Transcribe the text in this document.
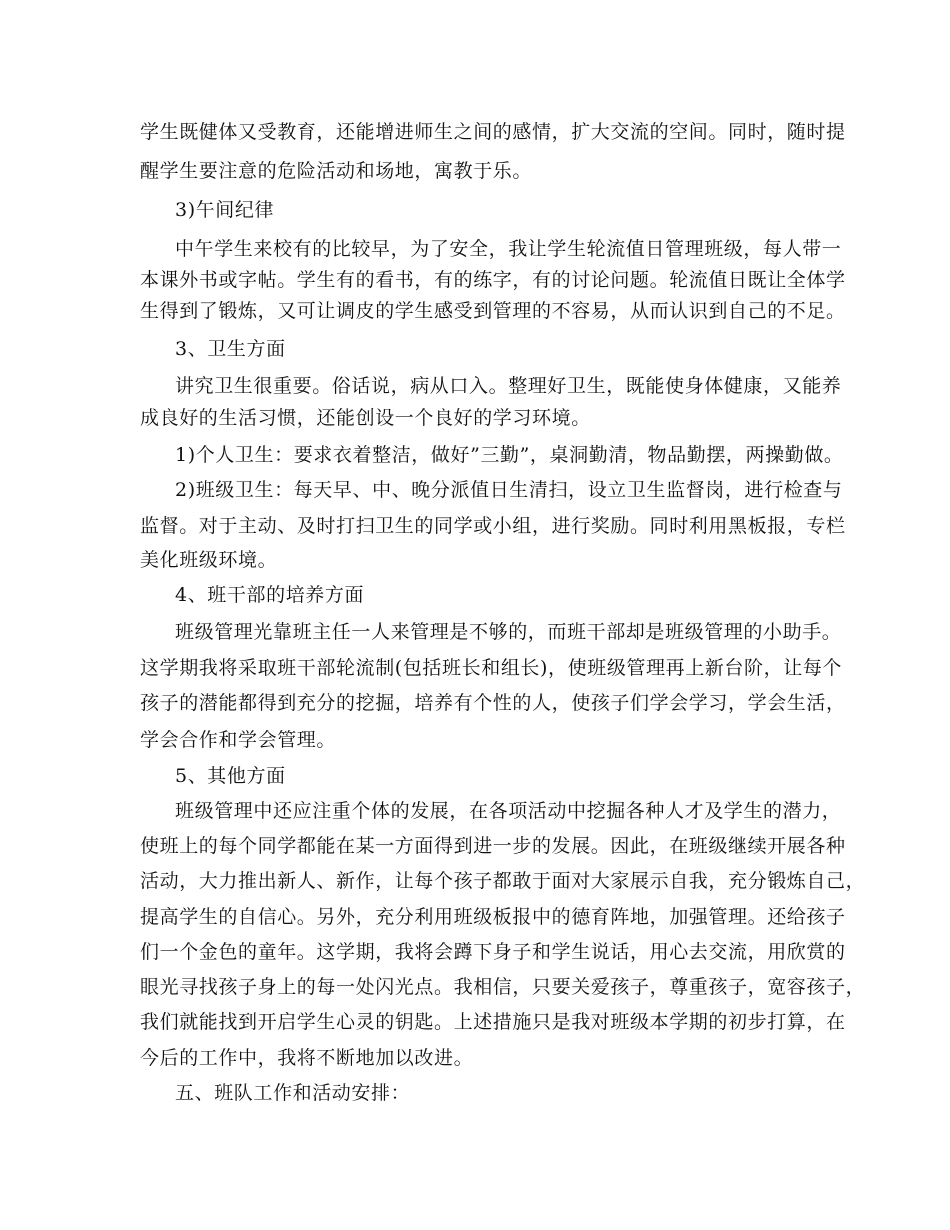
学生既健体又受教育，还能增进师生之间的感情，扩大交流的空间。同时，随时提
醒学生要注意的危险活动和场地，寓教于乐。
3)午间纪律
中午学生来校有的比较早，为了安全，我让学生轮流值日管理班级，每人带一
本课外书或字帖。学生有的看书，有的练字，有的讨论问题。轮流值日既让全体学
生得到了锻炼，又可让调皮的学生感受到管理的不容易，从而认识到自己的不足。
3、卫生方面
讲究卫生很重要。俗话说，病从口入。整理好卫生，既能使身体健康，又能养
成良好的生活习惯，还能创设一个良好的学习环境。
1)个人卫生：要求衣着整洁，做好”三勤”，桌洞勤清，物品勤摆，两操勤做。
2)班级卫生：每天早、中、晚分派值日生清扫，设立卫生监督岗，进行检查与
监督。对于主动、及时打扫卫生的同学或小组，进行奖励。同时利用黑板报，专栏
美化班级环境。
4、班干部的培养方面
班级管理光靠班主任一人来管理是不够的，而班干部却是班级管理的小助手。
这学期我将采取班干部轮流制(包括班长和组长)，使班级管理再上新台阶，让每个
孩子的潜能都得到充分的挖掘，培养有个性的人，使孩子们学会学习，学会生活，
学会合作和学会管理。
5、其他方面
班级管理中还应注重个体的发展，在各项活动中挖掘各种人才及学生的潜力，
使班上的每个同学都能在某一方面得到进一步的发展。因此，在班级继续开展各种
活动，大力推出新人、新作，让每个孩子都敢于面对大家展示自我，充分锻炼自己，
提高学生的自信心。另外，充分利用班级板报中的德育阵地，加强管理。还给孩子
们一个金色的童年。这学期，我将会蹲下身子和学生说话，用心去交流，用欣赏的
眼光寻找孩子身上的每一处闪光点。我相信，只要关爱孩子，尊重孩子，宽容孩子，
我们就能找到开启学生心灵的钥匙。上述措施只是我对班级本学期的初步打算，在
今后的工作中，我将不断地加以改进。
五、班队工作和活动安排：
